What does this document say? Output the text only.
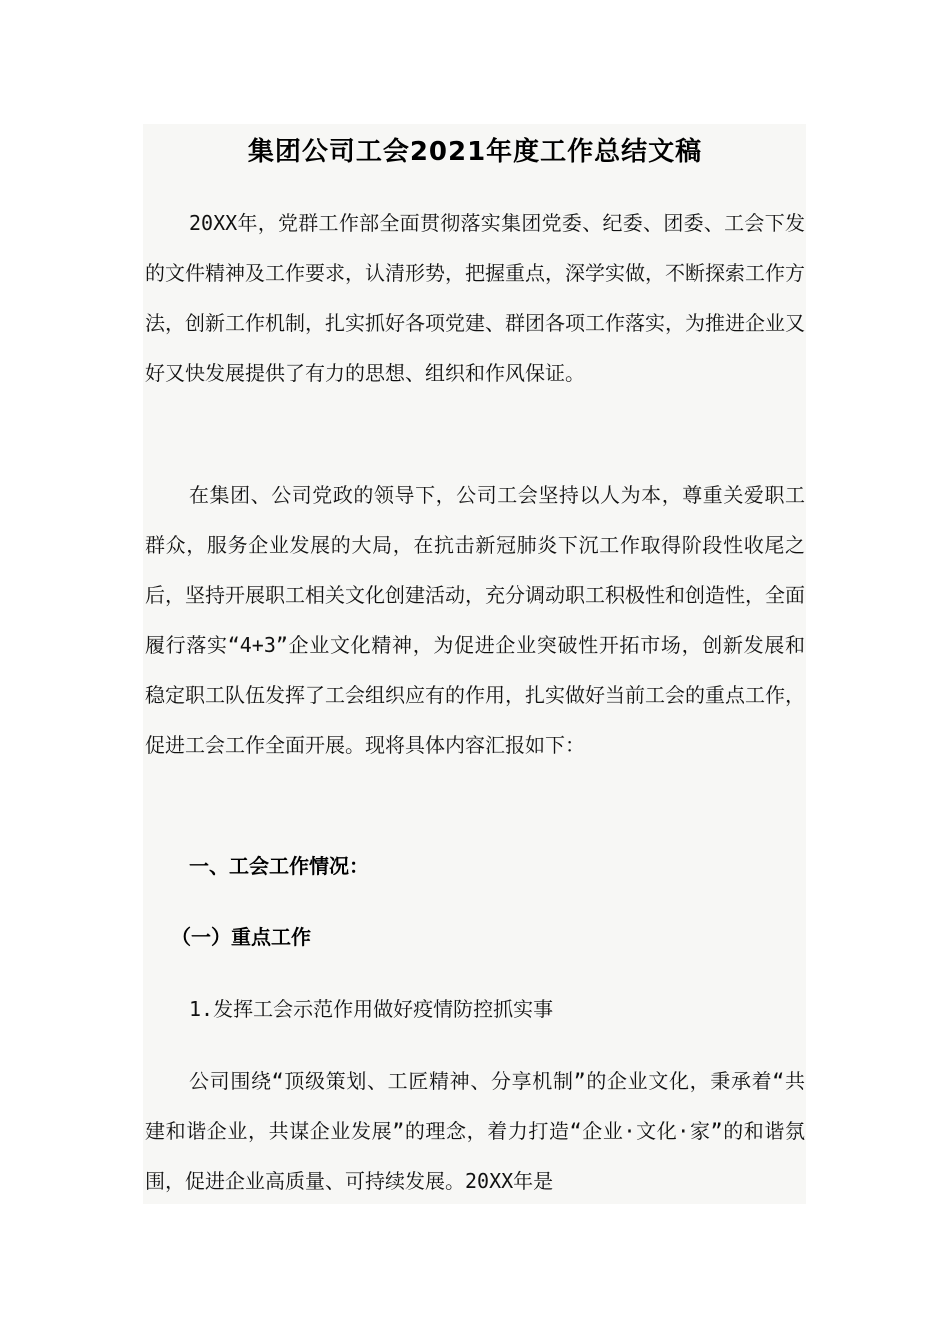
集团公司工会2021年度工作总结文稿

20XX年，党群工作部全面贯彻落实集团党委、纪委、团委、工会下发的文件精神及工作要求，认清形势，把握重点，深学实做，不断探索工作方法，创新工作机制，扎实抓好各项党建、群团各项工作落实，为推进企业又好又快发展提供了有力的思想、组织和作风保证。

在集团、公司党政的领导下，公司工会坚持以人为本，尊重关爱职工群众，服务企业发展的大局，在抗击新冠肺炎下沉工作取得阶段性收尾之后，坚持开展职工相关文化创建活动，充分调动职工积极性和创造性，全面履行落实“4+3”企业文化精神，为促进企业突破性开拓市场，创新发展和稳定职工队伍发挥了工会组织应有的作用，扎实做好当前工会的重点工作，促进工会工作全面开展。现将具体内容汇报如下：

一、工会工作情况：

（一）重点工作

1.发挥工会示范作用做好疫情防控抓实事

公司围绕“顶级策划、工匠精神、分享机制”的企业文化，秉承着“共建和谐企业，共谋企业发展”的理念，着力打造“企业·文化·家”的和谐氛围，促进企业高质量、可持续发展。20XX年是
